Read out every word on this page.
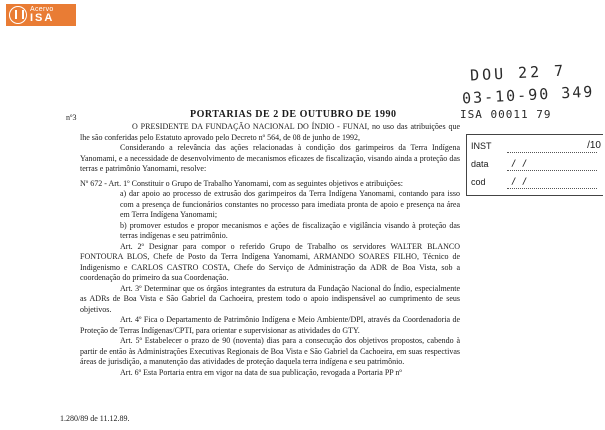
Acervo
ISA
DOU 22 7
03-10-90 349
ISA 00011 79
INST	/10
data / /
cod	/ /
nº3	PORTARIAS DE 2 DE OUTUBRO DE 1990

O PRESIDENTE DA FUNDAÇÃO NACIONAL DO ÍNDIO - FUNAI, no uso das atribuições que lhe são conferidas pelo Estatuto aprovado pelo Decreto nº 564, de 08 de junho de 1992,

Considerando a relevância das ações relacionadas à condição dos garimpeiros da Terra Indígena Yanomami, e a necessidade de desenvolvimento de mecanismos eficazes de fiscalização, visando ainda a proteção das terras e patrimônio Yanomami, resolve:

Nº 672 - Art. 1º Constituir o Grupo de Trabalho Yanomami, com as seguintes objetivos e atribuições:

a) dar apoio ao processo de extrusão dos garimpeiros da Terra Indígena Yanomami, contando para isso com a presença de funcionários constantes no processo para imediata pronta de apoio e presença na área em Terra Indígena Yanomami;

b) promover estudos e propor mecanismos e ações de fiscalização e vigilância visando à proteção das terras indígenas e seu patrimônio.

Art. 2º Designar para compor o referido Grupo de Trabalho os servidores WALTER BLANCO FONTOURA BLOS, Chefe de Posto da Terra Indígena Yanomami, ARMANDO SOARES FILHO, Técnico de Indigenismo e CARLOS CASTRO COSTA, Chefe do Serviço de Administração da ADR de Boa Vista, sob a coordenação do primeiro da sua Coordenação.

Art. 3º Determinar que os órgãos integrantes da estrutura da Fundação Nacional do Índio, especialmente as ADRs de Boa Vista e São Gabriel da Cachoeira, prestem todo o apoio indispensável ao cumprimento de seus objetivos.

Art. 4º Fica o Departamento de Patrimônio Indígena e Meio Ambiente/DPI, através da Coordenadoria de Proteção de Terras Indígenas/CPTI, para orientar e supervisionar as atividades do GTY.

Art. 5º Estabelecer o prazo de 90 (noventa) dias para a consecução dos objetivos propostos, cabendo à partir de então às Administrações Executivas Regionais de Boa Vista e São Gabriel da Cachoeira, em suas respectivas áreas de jurisdição, a manutenção das atividades de proteção daquela terra indígena e seu patrimônio.

Art. 6º Esta Portaria entra em vigor na data de sua publicação, revogada a Portaria PP nº

1.280/89 de 11.12.89.
